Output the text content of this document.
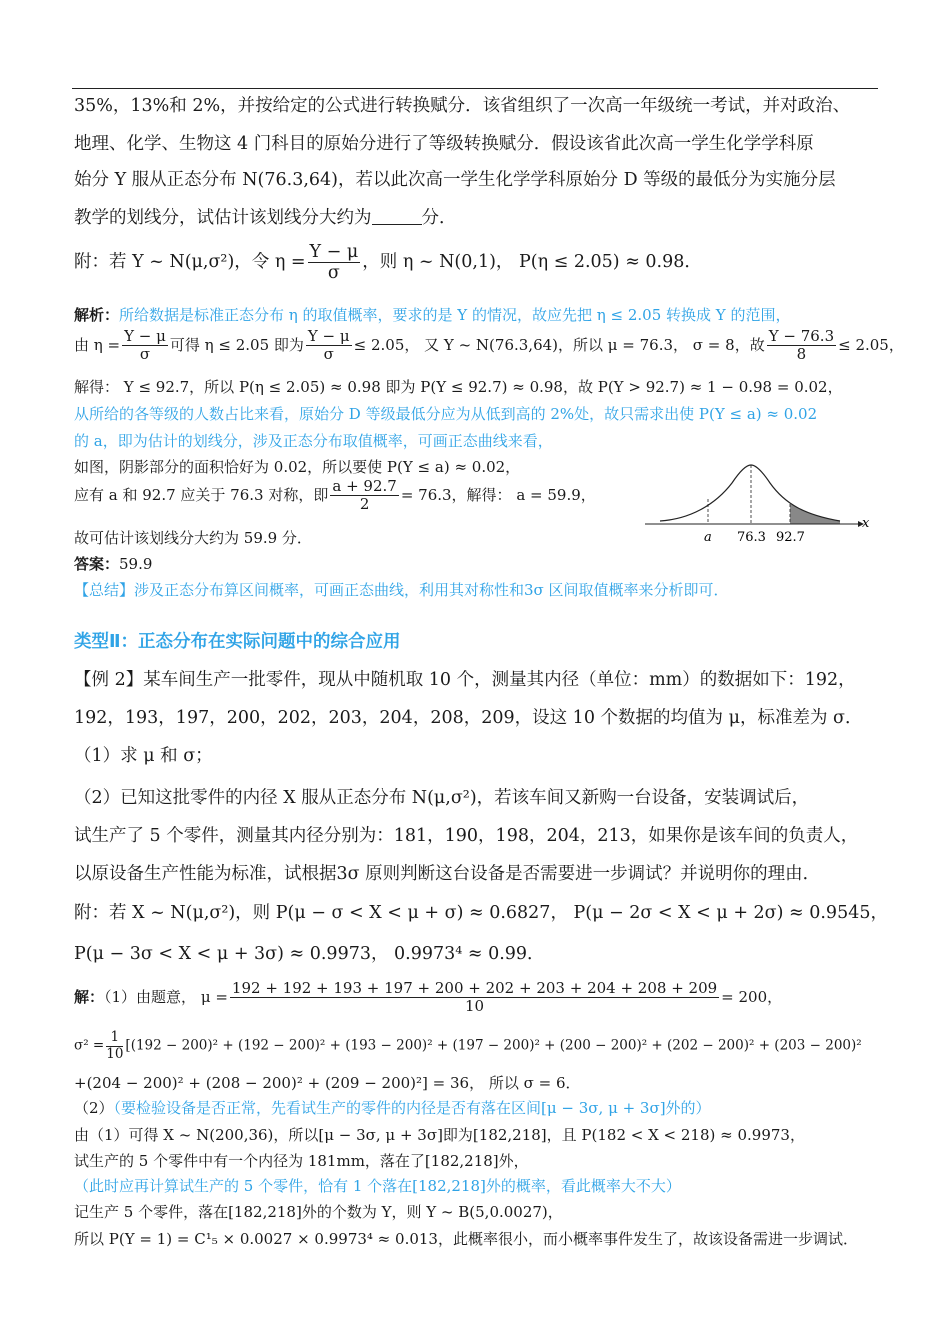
35%，13%和 2%，并按给定的公式进行转换赋分．该省组织了一次高一年级统一考试，并对政治、
地理、化学、生物这 4 门科目的原始分进行了等级转换赋分．假设该省此次高一学生化学学科原
始分 Y 服从正态分布 N(76.3,64)，若以此次高一学生化学学科原始分 D 等级的最低分为实施分层
教学的划线分，试估计该划线分大约为	分．
附：若 Y ~ N(μ,σ²)，令 $\eta = \frac{Y - \mu}{\sigma}$ ，则 η ~ N(0,1)， P(η ≤ 2.05) ≈ 0.98．
解析：所给数据是标准正态分布 η 的取值概率，要求的是 Y 的情况，故应先把 η ≤ 2.05 转换成 Y 的范围，
由 $\eta = \frac{Y - \mu}{\sigma}$ 可得 η ≤ 2.05 即为 $\frac{Y - \mu}{\sigma} \le 2.05$， 又 Y ~ N(76.3,64)，所以 μ = 76.3， σ = 8，故 $\frac{Y - 76.3}{8} \le 2.05$，
解得： Y ≤ 92.7，所以 P(η ≤ 2.05) ≈ 0.98 即为 P(Y ≤ 92.7) ≈ 0.98，故 P(Y > 92.7) ≈ 1 − 0.98 = 0.02，
从所给的各等级的人数占比来看，原始分 D 等级最低分应为从低到高的 2%处，故只需求出使 P(Y ≤ a) ≈ 0.02
的 a，即为估计的划线分，涉及正态分布取值概率，可画正态曲线来看，
如图，阴影部分的面积恰好为 0.02，所以要使 P(Y ≤ a) ≈ 0.02，
应有 a 和 92.7 应关于 76.3 对称，即 $\frac{a + 92.7}{2} = 76.3$，解得： a = 59.9，
故可估计该划线分大约为 59.9 分．
答案：59.9
【总结】涉及正态分布算区间概率，可画正态曲线，利用其对称性和3σ 区间取值概率来分析即可．
x
a 76.3 92.7
类型Ⅱ：正态分布在实际问题中的综合应用
【例 2】某车间生产一批零件，现从中随机取 10 个，测量其内径（单位：mm）的数据如下：192，
192，193，197，200，202，203，204，208，209，设这 10 个数据的均值为 μ，标准差为 σ．
（1）求 μ 和 σ；
（2）已知这批零件的内径 X 服从正态分布 N(μ,σ²)，若该车间又新购一台设备，安装调试后，
试生产了 5 个零件，测量其内径分别为：181，190，198，204，213，如果你是该车间的负责人，
以原设备生产性能为标准，试根据3σ 原则判断这台设备是否需要进一步调试？并说明你的理由．
附：若 X ~ N(μ,σ²)，则 P(μ − σ < X < μ + σ) ≈ 0.6827， P(μ − 2σ < X < μ + 2σ) ≈ 0.9545，
P(μ − 3σ < X < μ + 3σ) ≈ 0.9973， 0.9973⁴ ≈ 0.99．
解：（1）由题意， $\mu = \frac{192 + 192 + 193 + 197 + 200 + 202 + 203 + 204 + 208 + 209}{10} = 200$，
$\sigma^2 = \frac{1}{10} [(192 - 200)^2 + (192 - 200)^2 + (193 - 200)^2 + (197 - 200)^2 + (200 - 200)^2 + (202 - 200)^2 + (203 - 200)^2$
+(204 − 200)² + (208 − 200)² + (209 − 200)²] = 36， 所以 σ = 6．
（2）（要检验设备是否正常，先看试生产的零件的内径是否有落在区间[μ − 3σ, μ + 3σ]外的）
由（1）可得 X ~ N(200,36)，所以[μ − 3σ, μ + 3σ]即为[182,218]，且 P(182 < X < 218) ≈ 0.9973，
试生产的 5 个零件中有一个内径为 181mm，落在了[182,218]外，
（此时应再计算试生产的 5 个零件，恰有 1 个落在[182,218]外的概率，看此概率大不大）
记生产 5 个零件，落在[182,218]外的个数为 Y，则 Y ~ B(5,0.0027)，
所以 P(Y = 1) = C¹₅ × 0.0027 × 0.9973⁴ ≈ 0.013，此概率很小，而小概率事件发生了，故该设备需进一步调试．
